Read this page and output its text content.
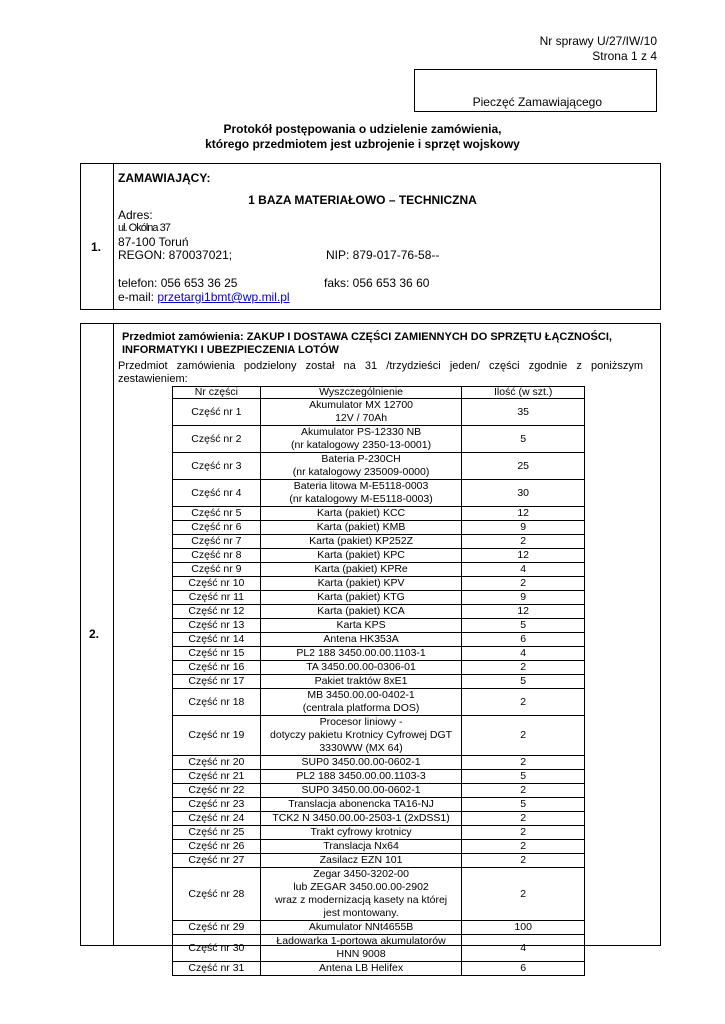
Nr sprawy U/27/IW/10
Strona 1 z 4
Pieczęć Zamawiającego
Protokół postępowania o udzielenie zamówienia,
którego przedmiotem jest uzbrojenie i sprzęt wojskowy
1.
ZAMAWIAJĄCY:
1 BAZA MATERIAŁOWO – TECHNICZNA
Adres:
ul. Okólna 37
87-100 Toruń
REGON: 870037021;	NIP: 879-017-76-58--
telefon: 056 653 36 25	faks: 056 653 36 60
e-mail: przetargi1bmt@wp.mil.pl
Przedmiot zamówienia: ZAKUP I DOSTAWA CZĘŚCI ZAMIENNYCH DO SPRZĘTU ŁĄCZNOŚCI,
INFORMATYKI I UBEZPIECZENIA LOTÓW
Przedmiot zamówienia podzielony został na 31 /trzydzieści jeden/ części zgodnie z poniższym zestawieniem:
Nr części	Wyszczególnienie	Ilość (w szt.)
Część nr 1	Akumulator MX 12700
12V / 70Ah	35
Część nr 2	Akumulator PS-12330 NB
(nr katalogowy 2350-13-0001)	5
Część nr 3	Bateria P-230CH
(nr katalogowy 235009-0000)	25
Część nr 4	Bateria litowa M-E5118-0003
(nr katalogowy M-E5118-0003)	30
Część nr 5	Karta (pakiet) KCC	12
Część nr 6	Karta (pakiet) KMB	9
Część nr 7	Karta (pakiet) KP252Z	2
Część nr 8	Karta (pakiet) KPC	12
Część nr 9	Karta (pakiet) KPRe	4
Część nr 10	Karta (pakiet) KPV	2
Część nr 11	Karta (pakiet) KTG	9
Część nr 12	Karta (pakiet) KCA	12
Część nr 13	Karta KPS	5
Część nr 14	Antena HK353A	6
Część nr 15	PL2 188 3450.00.00.1103-1	4
Część nr 16	TA 3450.00.00-0306-01	2
Część nr 17	Pakiet traktów 8xE1	5
Część nr 18	MB 3450.00.00-0402-1
(centrala platforma DOS)	2
Część nr 19	Procesor liniowy -
dotyczy pakietu Krotnicy Cyfrowej DGT
3330WW (MX 64)	2
Część nr 20	SUP0 3450.00.00-0602-1	2
Część nr 21	PL2 188 3450.00.00.1103-3	5
Część nr 22	SUP0 3450.00.00-0602-1	2
Część nr 23	Translacja abonencka TA16-NJ	5
Część nr 24	TCK2 N 3450.00.00-2503-1 (2xDSS1)	2
Część nr 25	Trakt cyfrowy krotnicy	2
Część nr 26	Translacja Nx64	2
Część nr 27	Zasilacz EZN 101	2
Część nr 28	Zegar 3450-3202-00
lub ZEGAR 3450.00.00-2902
wraz z modernizacją kasety na której
jest montowany.	2
Część nr 29	Akumulator NNt4655B	100
Część nr 30	Ładowarka 1-portowa akumulatorów
HNN 9008	4
Część nr 31	Antena LB Helifex	6
2.
